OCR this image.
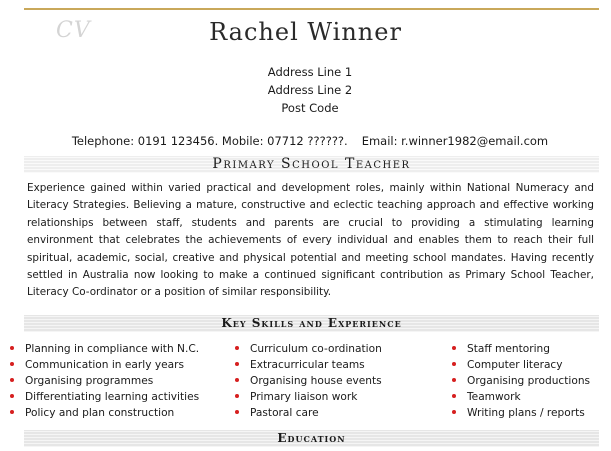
CV	Rachel Winner
Address Line 1
Address Line 2
Post Code
Telephone: 0191 123456. Mobile: 07712 ??????. Email: r.winner1982@email.com
Primary School Teacher
Experience gained within varied practical and development roles, mainly within National Numeracy and Literacy Strategies. Believing a mature, constructive and eclectic teaching approach and effective working relationships between staff, students and parents are crucial to providing a stimulating learning environment that celebrates the achievements of every individual and enables them to reach their full spiritual, academic, social, creative and physical potential and meeting school mandates. Having recently settled in Australia now looking to make a continued significant contribution as Primary School Teacher, Literacy Co-ordinator or a position of similar responsibility.
Key Skills and Experience
Planning in compliance with N.C.
Communication in early years
Organising programmes
Differentiating learning activities
Policy and plan construction
Curriculum co-ordination
Extracurricular teams
Organising house events
Primary liaison work
Pastoral care
Staff mentoring
Computer literacy
Organising productions
Teamwork
Writing plans / reports
Education
